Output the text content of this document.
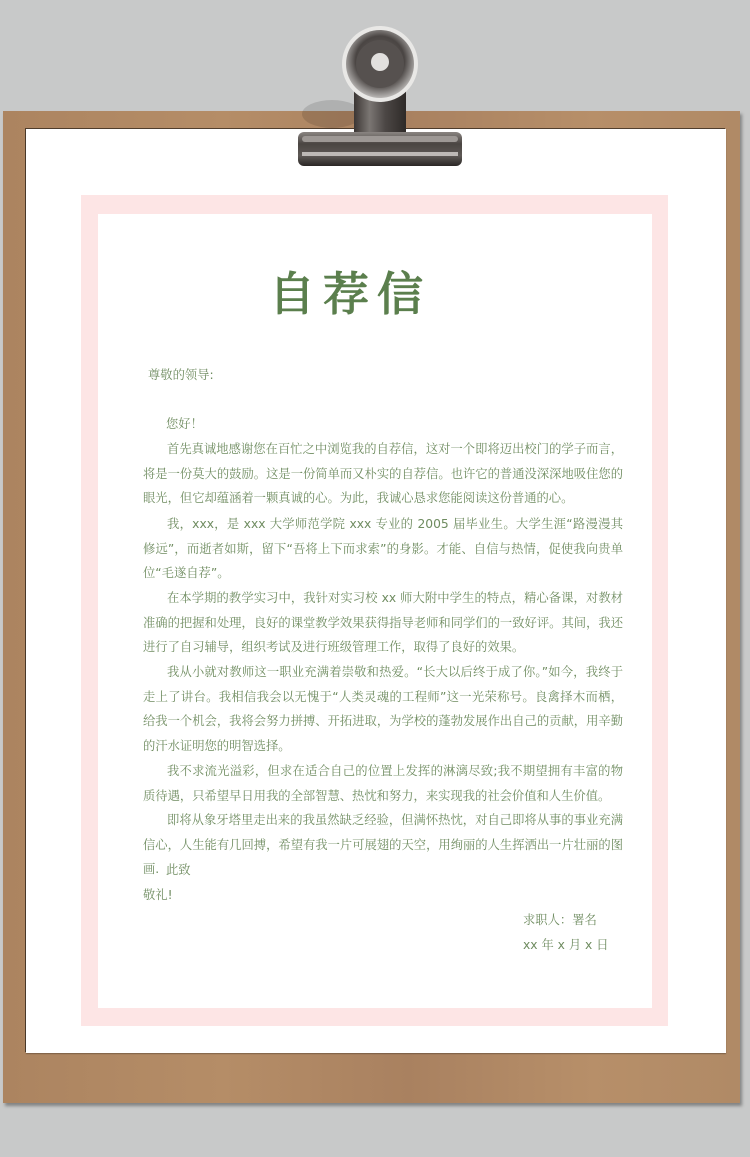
自荐信
尊敬的领导:
您好！
首先真诚地感谢您在百忙之中浏览我的自荐信，这对一个即将迈出校门的学子而言，将是一份莫大的鼓励。这是一份简单而又朴实的自荐信。也许它的普通没深深地吸住您的眼光，但它却蕴涵着一颗真诚的心。为此，我诚心恳求您能阅读这份普通的心。
我，xxx，是 xxx 大学师范学院 xxx 专业的 2005 届毕业生。大学生涯“路漫漫其修远”，而逝者如斯，留下“吾将上下而求索”的身影。才能、自信与热情，促使我向贵单位“毛遂自荐”。
在本学期的教学实习中，我针对实习校 xx 师大附中学生的特点，精心备课，对教材准确的把握和处理，良好的课堂教学效果获得指导老师和同学们的一致好评。其间，我还进行了自习辅导，组织考试及进行班级管理工作，取得了良好的效果。
我从小就对教师这一职业充满着崇敬和热爱。“长大以后终于成了你。”如今，我终于走上了讲台。我相信我会以无愧于“人类灵魂的工程师”这一光荣称号。良禽择木而栖，给我一个机会，我将会努力拼搏、开拓进取，为学校的蓬勃发展作出自己的贡献，用辛勤的汗水证明您的明智选择。
我不求流光溢彩，但求在适合自己的位置上发挥的淋漓尽致;我不期望拥有丰富的物质待遇，只希望早日用我的全部智慧、热忱和努力，来实现我的社会价值和人生价值。
即将从象牙塔里走出来的我虽然缺乏经验，但满怀热忱，对自己即将从事的事业充满信心，人生能有几回搏，希望有我一片可展翅的天空，用绚丽的人生挥洒出一片壮丽的图画. 此致
敬礼!
求职人：署名
xx 年 x 月 x 日
